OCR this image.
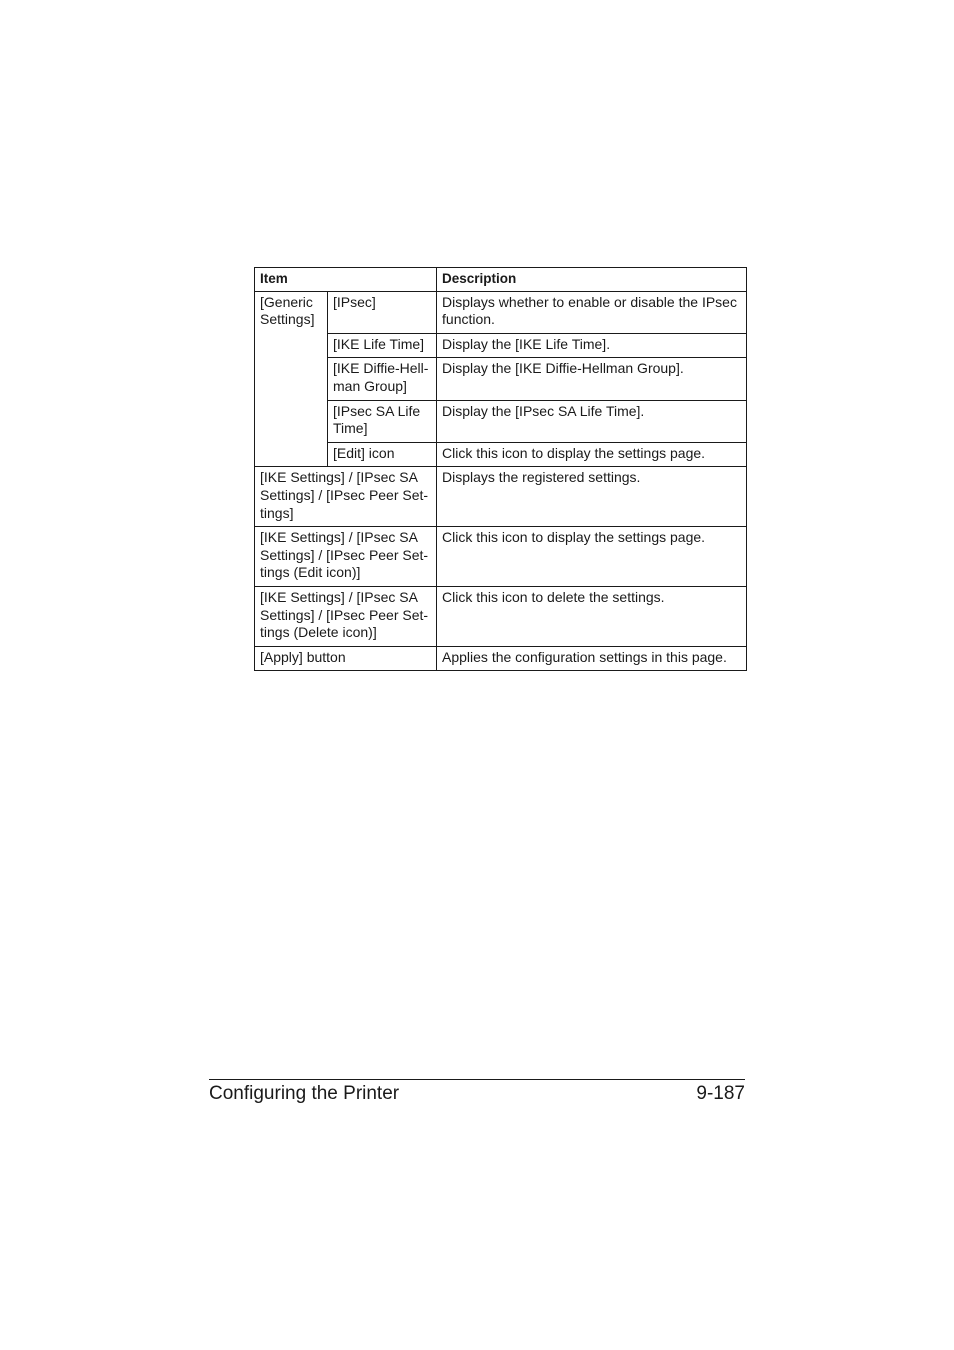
Item		Description
[Generic
Settings]	[IPsec]	Displays whether to enable or disable the IPsec function.
	[IKE Life Time]	Display the [IKE Life Time].
	[IKE Diffie-Hell-
man Group]	Display the [IKE Diffie-Hellman Group].
	[IPsec SA Life
Time]	Display the [IPsec SA Life Time].
	[Edit] icon	Click this icon to display the settings page.
[IKE Settings] / [IPsec SA
Settings] / [IPsec Peer Set-
tings]		Displays the registered settings.
[IKE Settings] / [IPsec SA
Settings] / [IPsec Peer Set-
tings (Edit icon)]		Click this icon to display the settings page.
[IKE Settings] / [IPsec SA
Settings] / [IPsec Peer Set-
tings (Delete icon)]		Click this icon to delete the settings.
[Apply] button		Applies the configuration settings in this page.
Configuring the Printer	9-187
